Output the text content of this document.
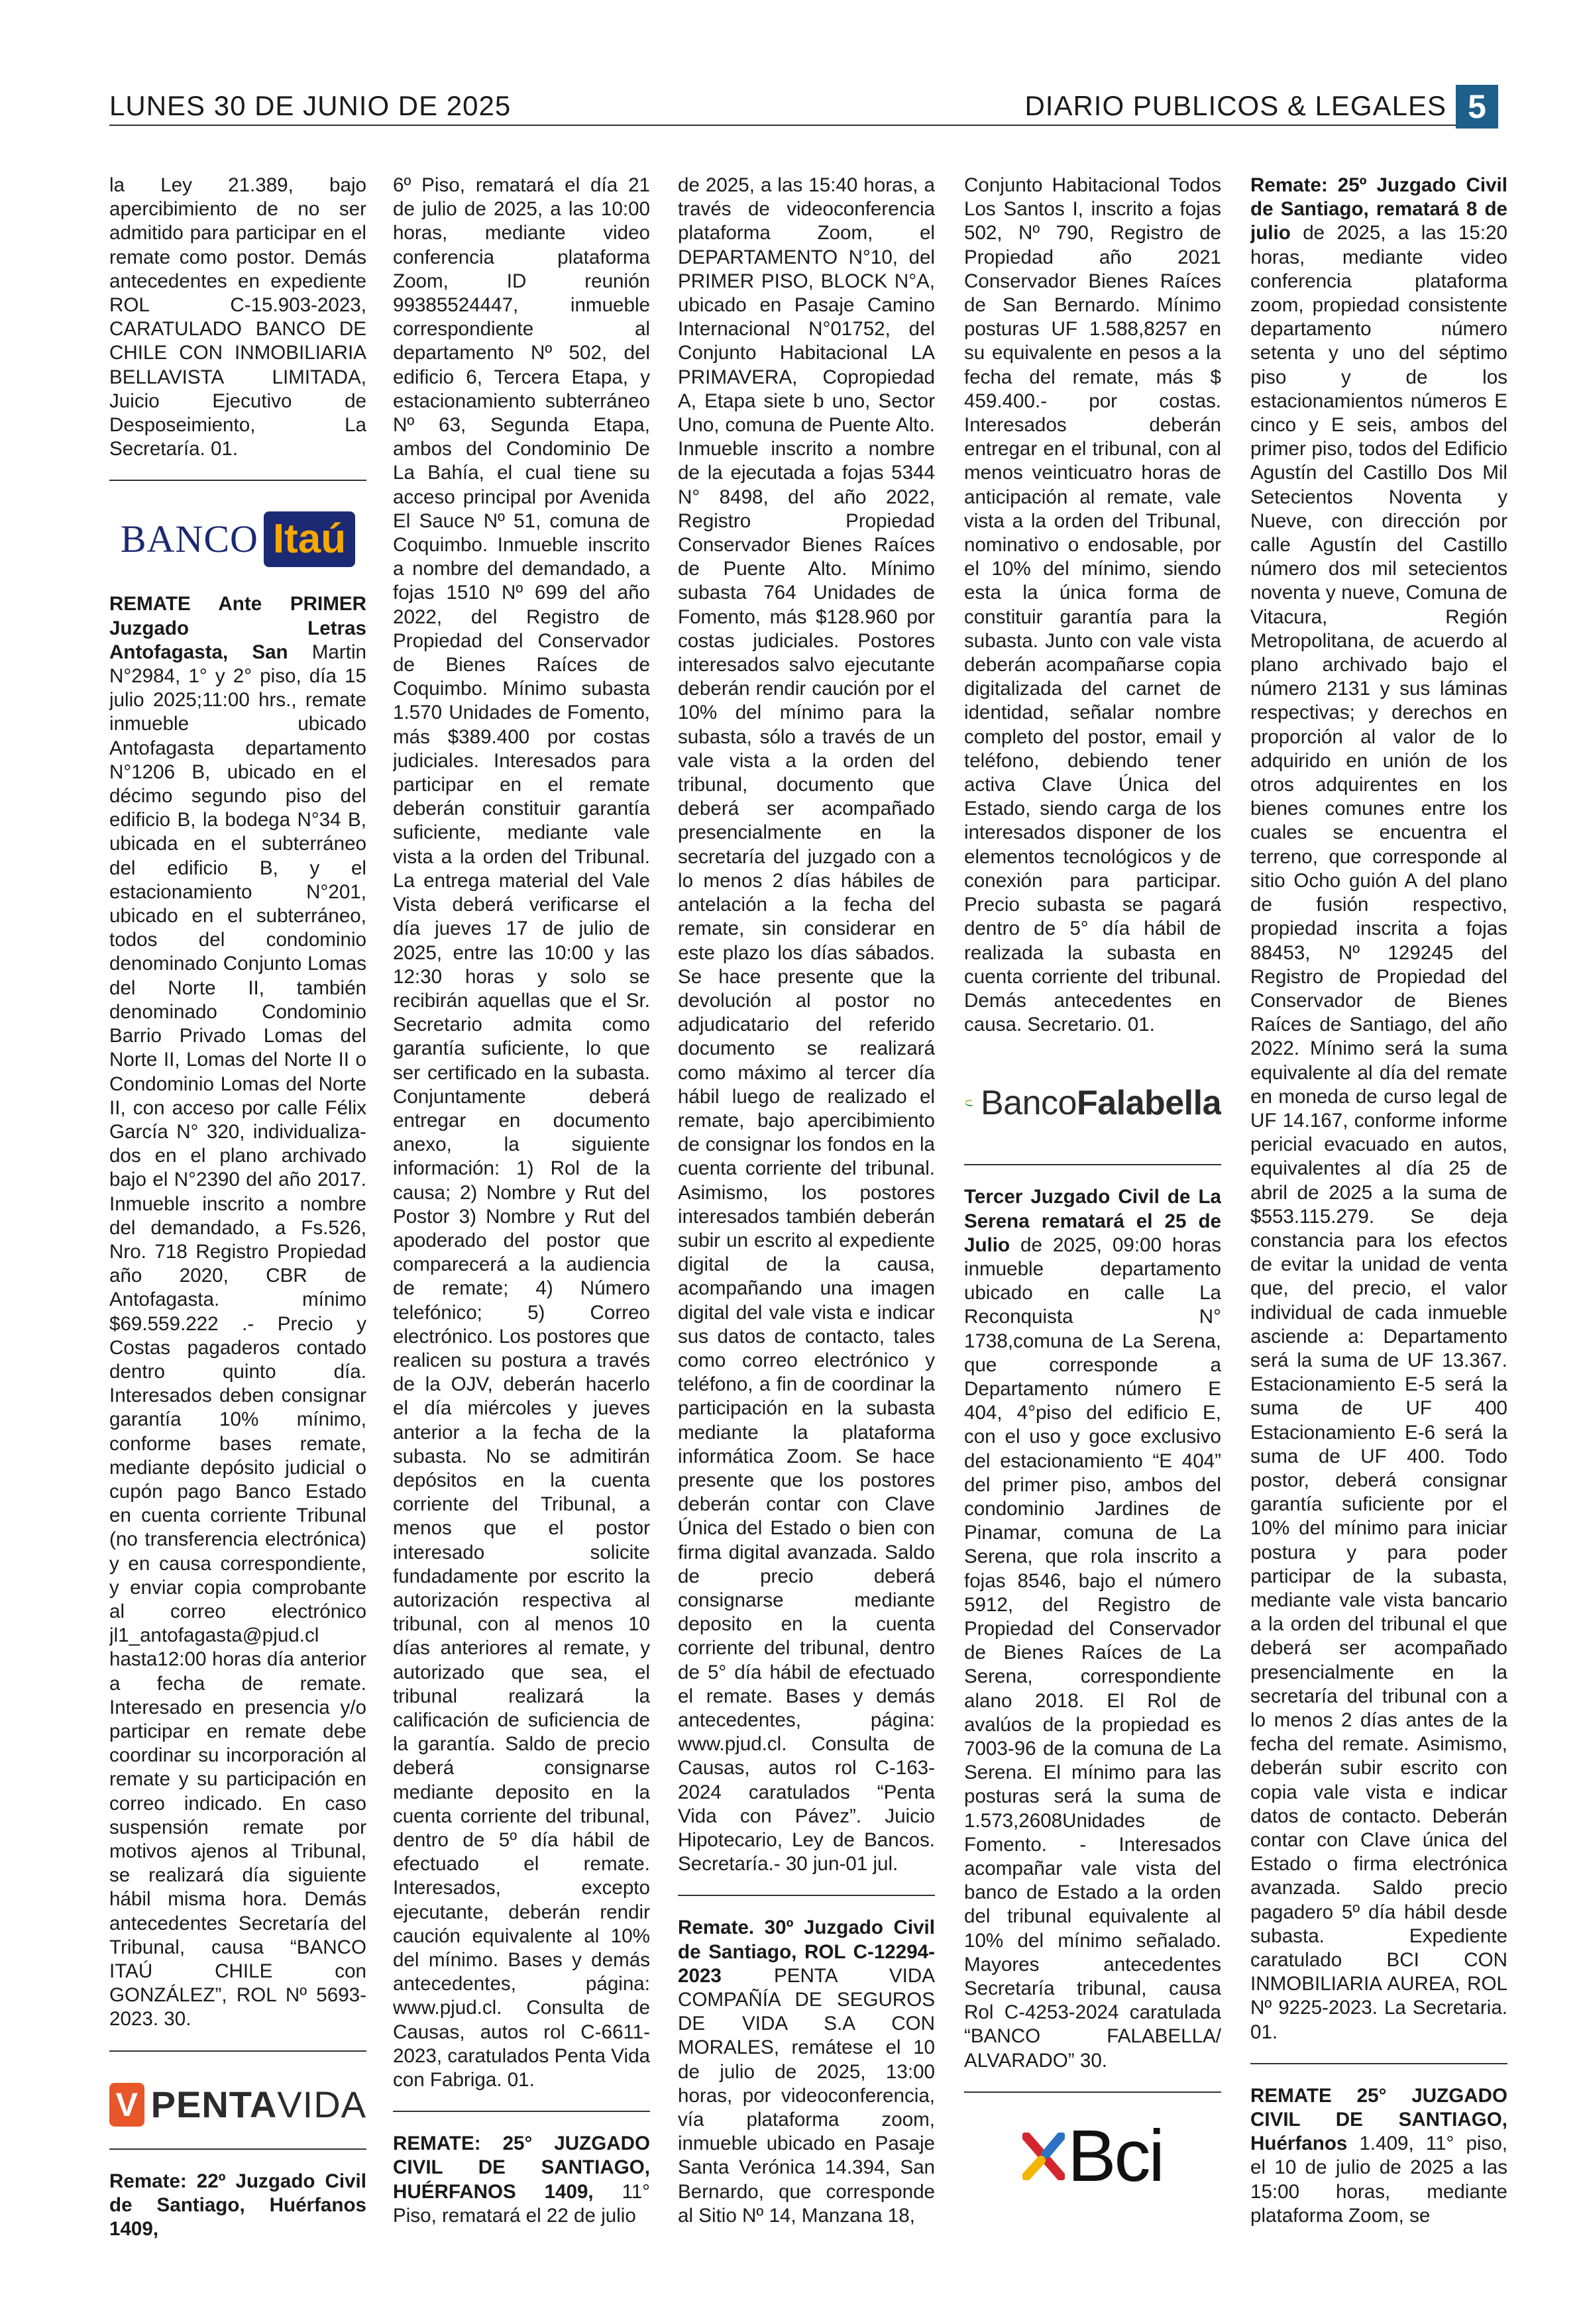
LUNES 30 DE JUNIO DE 2025	DIARIO PUBLICOS & LEGALES 5

la Ley 21.389, bajo apercibimiento de no ser admitido para participar en el remate como postor. Demás antecedentes en expediente ROL C-15.903-2023, CARATULADO BANCO DE CHILE CON INMOBILIARIA BELLAVISTA LIMITADA, Juicio Ejecutivo de Desposeimiento, La Secretaría. 01.

BANCO Itaú

REMATE Ante PRIMER Juzgado Letras Antofagasta, San Martin N°2984, 1° y 2° piso, día 15 julio 2025;11:00 hrs., remate inmueble ubicado Antofagasta departamento N°1206 B, ubicado en el décimo segundo piso del edificio B, la bodega N°34 B, ubicada en el subterráneo del edificio B, y el estacionamiento N°201, ubicado en el subterráneo, todos del condominio denominado Conjunto Lomas del Norte II, también denominado Condominio Barrio Privado Lomas del Norte II, Lomas del Norte II o Condominio Lomas del Norte II, con acceso por calle Félix García N° 320, individualiza-dos en el plano archivado bajo el N°2390 del año 2017. Inmueble inscrito a nombre del demandado, a Fs.526, Nro. 718 Registro Propiedad año 2020, CBR de Antofagasta. mínimo $69.559.222 .- Precio y Costas pagaderos contado dentro quinto día. Interesados deben consignar garantía 10% mínimo, conforme bases remate, mediante depósito judicial o cupón pago Banco Estado en cuenta corriente Tribunal (no transferencia electrónica) y en causa correspondiente, y enviar copia comprobante al correo electrónico jl1_antofagasta@pjud.cl hasta12:00 horas día anterior a fecha de remate. Interesado en presencia y/o participar en remate debe coordinar su incorporación al remate y su participación en correo indicado. En caso suspensión remate por motivos ajenos al Tribunal, se realizará día siguiente hábil misma hora. Demás antecedentes Secretaría del Tribunal, causa “BANCO ITAÚ CHILE con GONZÁLEZ”, ROL Nº 5693-2023. 30.

V PENTAVIDA

Remate: 22º Juzgado Civil de Santiago, Huérfanos 1409,

6º Piso, rematará el día 21 de julio de 2025, a las 10:00 horas, mediante video conferencia plataforma Zoom, ID reunión 99385524447, inmueble correspondiente al departamento Nº 502, del edificio 6, Tercera Etapa, y estacionamiento subterráneo Nº 63, Segunda Etapa, ambos del Condominio De La Bahía, el cual tiene su acceso principal por Avenida El Sauce Nº 51, comuna de Coquimbo. Inmueble inscrito a nombre del demandado, a fojas 1510 Nº 699 del año 2022, del Registro de Propiedad del Conservador de Bienes Raíces de Coquimbo. Mínimo subasta 1.570 Unidades de Fomento, más $389.400 por costas judiciales. Interesados para participar en el remate deberán constituir garantía suficiente, mediante vale vista a la orden del Tribunal. La entrega material del Vale Vista deberá verificarse el día jueves 17 de julio de 2025, entre las 10:00 y las 12:30 horas y solo se recibirán aquellas que el Sr. Secretario admita como garantía suficiente, lo que ser certificado en la subasta. Conjuntamente deberá entregar en documento anexo, la siguiente información: 1) Rol de la causa; 2) Nombre y Rut del Postor 3) Nombre y Rut del apoderado del postor que comparecerá a la audiencia de remate; 4) Número telefónico; 5) Correo electrónico. Los postores que realicen su postura a través de la OJV, deberán hacerlo el día miércoles y jueves anterior a la fecha de la subasta. No se admitirán depósitos en la cuenta corriente del Tribunal, a menos que el postor interesado solicite fundadamente por escrito la autorización respectiva al tribunal, con al menos 10 días anteriores al remate, y autorizado que sea, el tribunal realizará la calificación de suficiencia de la garantía. Saldo de precio deberá consignarse mediante deposito en la cuenta corriente del tribunal, dentro de 5º día hábil de efectuado el remate. Interesados, excepto ejecutante, deberán rendir caución equivalente al 10% del mínimo. Bases y demás antecedentes, página: www.pjud.cl. Consulta de Causas, autos rol C-6611-2023, caratulados Penta Vida con Fabriga. 01.

REMATE: 25° JUZGADO CIVIL DE SANTIAGO, HUÉRFANOS 1409, 11° Piso, rematará el 22 de julio

de 2025, a las 15:40 horas, a través de videoconferencia plataforma Zoom, el DEPARTAMENTO N°10, del PRIMER PISO, BLOCK N°A, ubicado en Pasaje Camino Internacional N°01752, del Conjunto Habitacional LA PRIMAVERA, Copropiedad A, Etapa siete b uno, Sector Uno, comuna de Puente Alto. Inmueble inscrito a nombre de la ejecutada a fojas 5344 N° 8498, del año 2022, Registro Propiedad Conservador Bienes Raíces de Puente Alto. Mínimo subasta 764 Unidades de Fomento, más $128.960 por costas judiciales. Postores interesados salvo ejecutante deberán rendir caución por el 10% del mínimo para la subasta, sólo a través de un vale vista a la orden del tribunal, documento que deberá ser acompañado presencialmente en la secretaría del juzgado con a lo menos 2 días hábiles de antelación a la fecha del remate, sin considerar en este plazo los días sábados. Se hace presente que la devolución al postor no adjudicatario del referido documento se realizará como máximo al tercer día hábil luego de realizado el remate, bajo apercibimiento de consignar los fondos en la cuenta corriente del tribunal. Asimismo, los postores interesados también deberán subir un escrito al expediente digital de la causa, acompañando una imagen digital del vale vista e indicar sus datos de contacto, tales como correo electrónico y teléfono, a fin de coordinar la participación en la subasta mediante la plataforma informática Zoom. Se hace presente que los postores deberán contar con Clave Única del Estado o bien con firma digital avanzada. Saldo de precio deberá consignarse mediante deposito en la cuenta corriente del tribunal, dentro de 5° día hábil de efectuado el remate. Bases y demás antecedentes, página: www.pjud.cl. Consulta de Causas, autos rol C-163-2024 caratulados “Penta Vida con Pávez”. Juicio Hipotecario, Ley de Bancos. Secretaría.- 30 jun-01 jul.

Remate. 30º Juzgado Civil de Santiago, ROL C-12294-2023 PENTA VIDA COMPAÑÍA DE SEGUROS DE VIDA S.A CON MORALES, remátese el 10 de julio de 2025, 13:00 horas, por videoconferencia, vía plataforma zoom, inmueble ubicado en Pasaje Santa Verónica 14.394, San Bernardo, que corresponde al Sitio Nº 14, Manzana 18,

Conjunto Habitacional Todos Los Santos I, inscrito a fojas 502, Nº 790, Registro de Propiedad año 2021 Conservador Bienes Raíces de San Bernardo. Mínimo posturas UF 1.588,8257 en su equivalente en pesos a la fecha del remate, más $ 459.400.- por costas. Interesados deberán entregar en el tribunal, con al menos veinticuatro horas de anticipación al remate, vale vista a la orden del Tribunal, nominativo o endosable, por el 10% del mínimo, siendo esta la única forma de constituir garantía para la subasta. Junto con vale vista deberán acompañarse copia digitalizada del carnet de identidad, señalar nombre completo del postor, email y teléfono, debiendo tener activa Clave Única del Estado, siendo carga de los interesados disponer de los elementos tecnológicos y de conexión para participar. Precio subasta se pagará dentro de 5° día hábil de realizada la subasta en cuenta corriente del tribunal. Demás antecedentes en causa. Secretario. 01.

BancoFalabella

Tercer Juzgado Civil de La Serena rematará el 25 de Julio de 2025, 09:00 horas inmueble departamento ubicado en calle La Reconquista N° 1738,comuna de La Serena, que corresponde a Departamento número E 404, 4°piso del edificio E, con el uso y goce exclusivo del estacionamiento “E 404” del primer piso, ambos del condominio Jardines de Pinamar, comuna de La Serena, que rola inscrito a fojas 8546, bajo el número 5912, del Registro de Propiedad del Conservador de Bienes Raíces de La Serena, correspondiente alano 2018. El Rol de avalúos de la propiedad es 7003-96 de la comuna de La Serena. El mínimo para las posturas será la suma de 1.573,2608Unidades de Fomento. - Interesados acompañar vale vista del banco de Estado a la orden del tribunal equivalente al 10% del mínimo señalado. Mayores antecedentes Secretaría tribunal, causa Rol C-4253-2024 caratulada “BANCO FALABELLA/ ALVARADO” 30.

Bci

Remate: 25º Juzgado Civil de Santiago, rematará 8 de julio de 2025, a las 15:20 horas, mediante video conferencia plataforma zoom, propiedad consistente departamento número setenta y uno del séptimo piso y de los estacionamientos números E cinco y E seis, ambos del primer piso, todos del Edificio Agustín del Castillo Dos Mil Setecientos Noventa y Nueve, con dirección por calle Agustín del Castillo número dos mil setecientos noventa y nueve, Comuna de Vitacura, Región Metropolitana, de acuerdo al plano archivado bajo el número 2131 y sus láminas respectivas; y derechos en proporción al valor de lo adquirido en unión de los otros adquirentes en los bienes comunes entre los cuales se encuentra el terreno, que corresponde al sitio Ocho guión A del plano de fusión respectivo, propiedad inscrita a fojas 88453, Nº 129245 del Registro de Propiedad del Conservador de Bienes Raíces de Santiago, del año 2022. Mínimo será la suma equivalente al día del remate en moneda de curso legal de UF 14.167, conforme informe pericial evacuado en autos, equivalentes al día 25 de abril de 2025 a la suma de $553.115.279. Se deja constancia para los efectos de evitar la unidad de venta que, del precio, el valor individual de cada inmueble asciende a: Departamento será la suma de UF 13.367. Estacionamiento E-5 será la suma de UF 400 Estacionamiento E-6 será la suma de UF 400. Todo postor, deberá consignar garantía suficiente por el 10% del mínimo para iniciar postura y para poder participar de la subasta, mediante vale vista bancario a la orden del tribunal el que deberá ser acompañado presencialmente en la secretaría del tribunal con a lo menos 2 días antes de la fecha del remate. Asimismo, deberán subir escrito con copia vale vista e indicar datos de contacto. Deberán contar con Clave única del Estado o firma electrónica avanzada. Saldo precio pagadero 5º día hábil desde subasta. Expediente caratulado BCI CON INMOBILIARIA AUREA, ROL Nº 9225-2023. La Secretaria. 01.

REMATE 25° JUZGADO CIVIL DE SANTIAGO, Huérfanos 1.409, 11° piso, el 10 de julio de 2025 a las 15:00 horas, mediante plataforma Zoom, se
